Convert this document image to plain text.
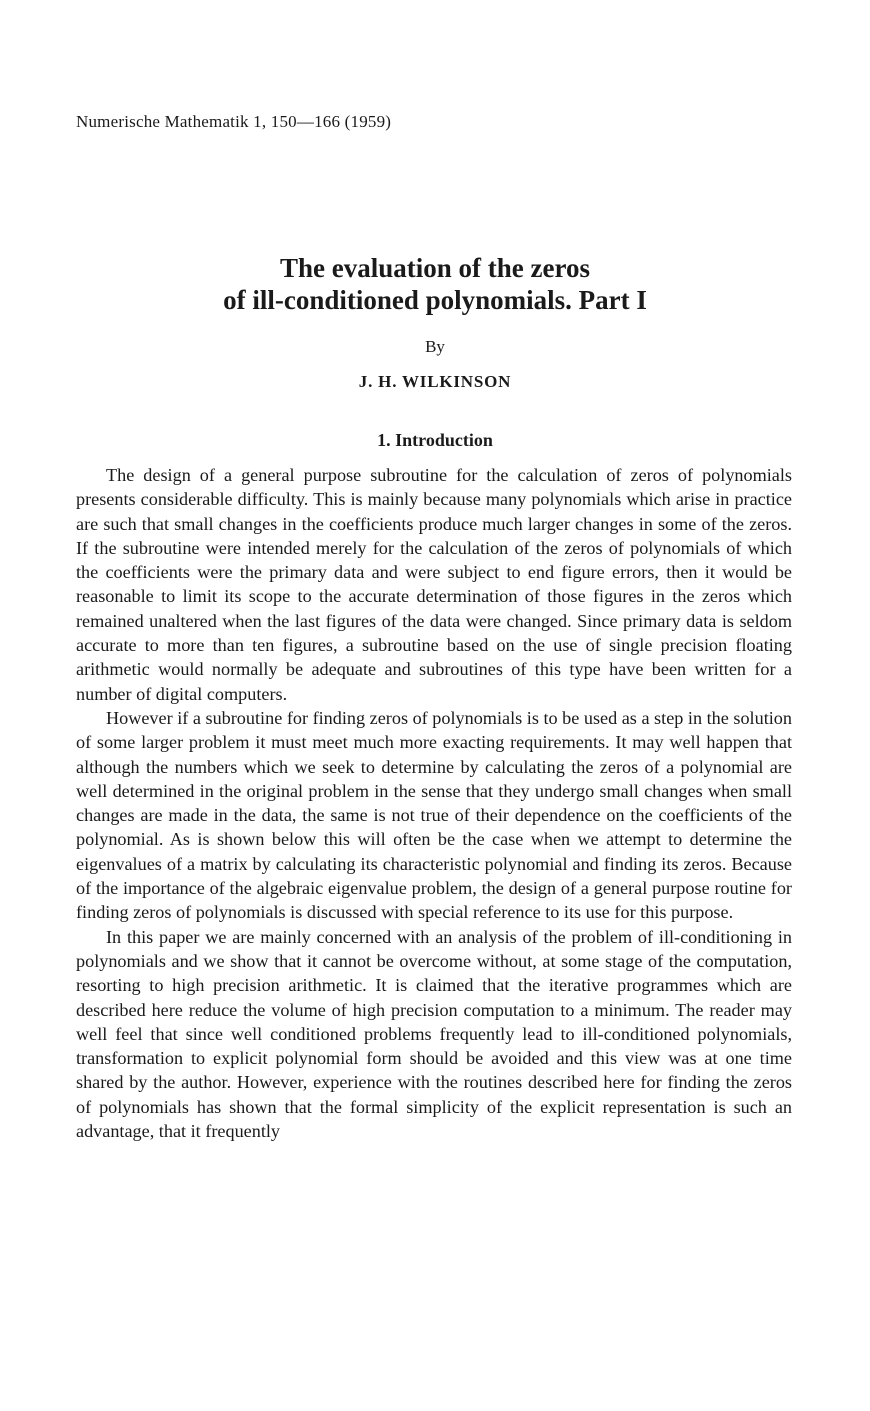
Numerische Mathematik 1, 150—166 (1959)
The evaluation of the zeros
of ill-conditioned polynomials. Part I
By
J. H. WILKINSON
1. Introduction

The design of a general purpose subroutine for the calculation of zeros of polynomials presents considerable difficulty. This is mainly because many polynomials which arise in practice are such that small changes in the coefficients produce much larger changes in some of the zeros. If the subroutine were intended merely for the calculation of the zeros of polynomials of which the coefficients were the primary data and were subject to end figure errors, then it would be reasonable to limit its scope to the accurate determination of those figures in the zeros which remained unaltered when the last figures of the data were changed. Since primary data is seldom accurate to more than ten figures, a subroutine based on the use of single precision floating arithmetic would normally be adequate and subroutines of this type have been written for a number of digital computers.

However if a subroutine for finding zeros of polynomials is to be used as a step in the solution of some larger problem it must meet much more exacting requirements. It may well happen that although the numbers which we seek to determine by calculating the zeros of a polynomial are well determined in the original problem in the sense that they undergo small changes when small changes are made in the data, the same is not true of their dependence on the coefficients of the polynomial. As is shown below this will often be the case when we attempt to determine the eigenvalues of a matrix by calculating its characteristic polynomial and finding its zeros. Because of the importance of the algebraic eigenvalue problem, the design of a general purpose routine for finding zeros of polynomials is discussed with special reference to its use for this purpose.

In this paper we are mainly concerned with an analysis of the problem of ill-conditioning in polynomials and we show that it cannot be overcome without, at some stage of the computation, resorting to high precision arithmetic. It is claimed that the iterative programmes which are described here reduce the volume of high precision computation to a minimum. The reader may well feel that since well conditioned problems frequently lead to ill-conditioned polynomials, transformation to explicit polynomial form should be avoided and this view was at one time shared by the author. However, experience with the routines described here for finding the zeros of polynomials has shown that the formal simplicity of the explicit representation is such an advantage, that it frequently
